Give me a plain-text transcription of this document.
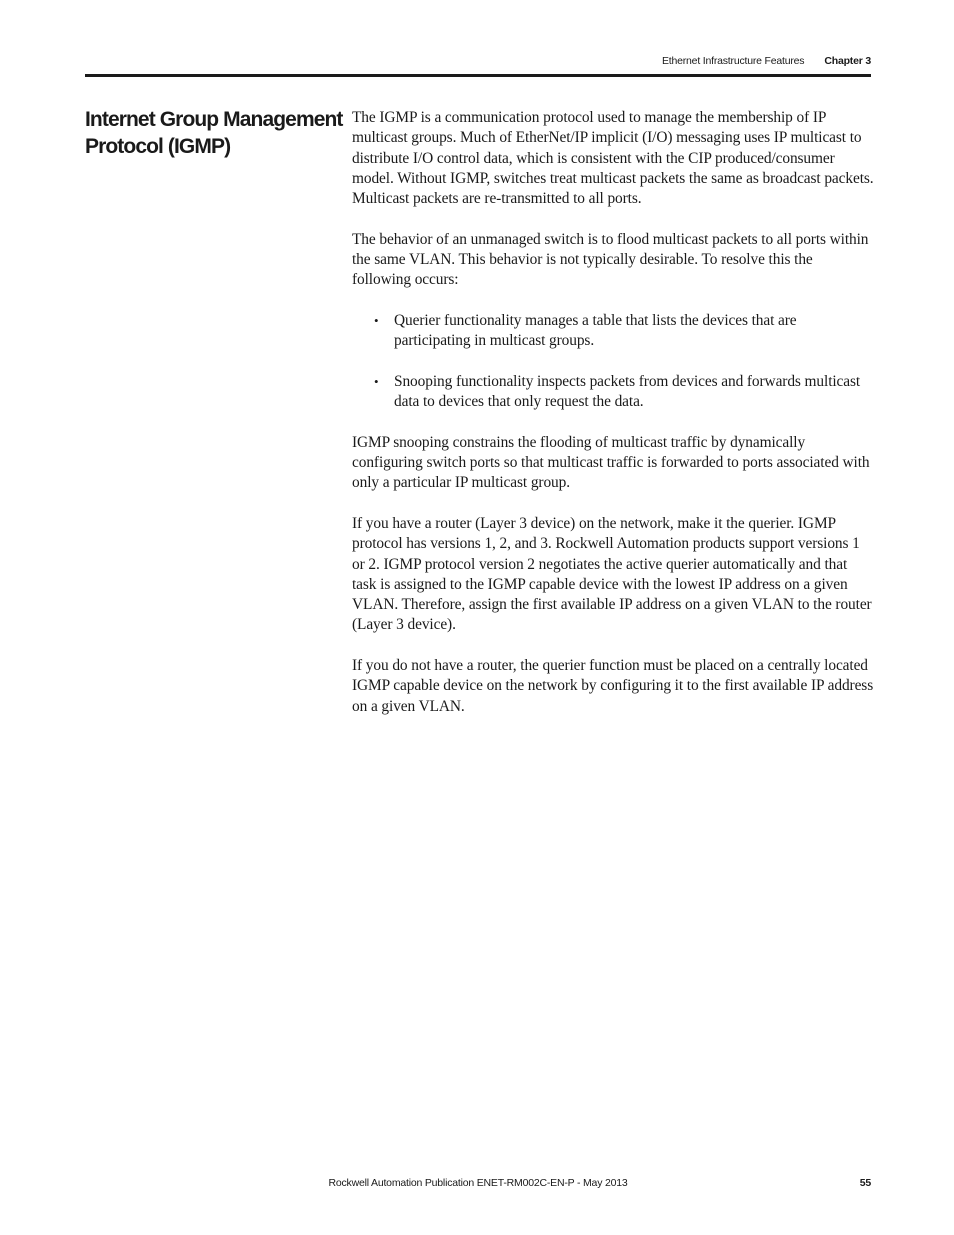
Ethernet Infrastructure Features Chapter 3
Internet Group Management Protocol (IGMP)

The IGMP is a communication protocol used to manage the membership of IP multicast groups. Much of EtherNet/IP implicit (I/O) messaging uses IP multicast to distribute I/O control data, which is consistent with the CIP produced/consumer model. Without IGMP, switches treat multicast packets the same as broadcast packets. Multicast packets are re-transmitted to all ports.

The behavior of an unmanaged switch is to flood multicast packets to all ports within the same VLAN. This behavior is not typically desirable. To resolve this the following occurs:

• Querier functionality manages a table that lists the devices that are participating in multicast groups.
• Snooping functionality inspects packets from devices and forwards multicast data to devices that only request the data.

IGMP snooping constrains the flooding of multicast traffic by dynamically configuring switch ports so that multicast traffic is forwarded to ports associated with only a particular IP multicast group.

If you have a router (Layer 3 device) on the network, make it the querier. IGMP protocol has versions 1, 2, and 3. Rockwell Automation products support versions 1 or 2. IGMP protocol version 2 negotiates the active querier automatically and that task is assigned to the IGMP capable device with the lowest IP address on a given VLAN. Therefore, assign the first available IP address on a given VLAN to the router (Layer 3 device).

If you do not have a router, the querier function must be placed on a centrally located IGMP capable device on the network by configuring it to the first available IP address on a given VLAN.

Rockwell Automation Publication ENET-RM002C-EN-P - May 2013	55
